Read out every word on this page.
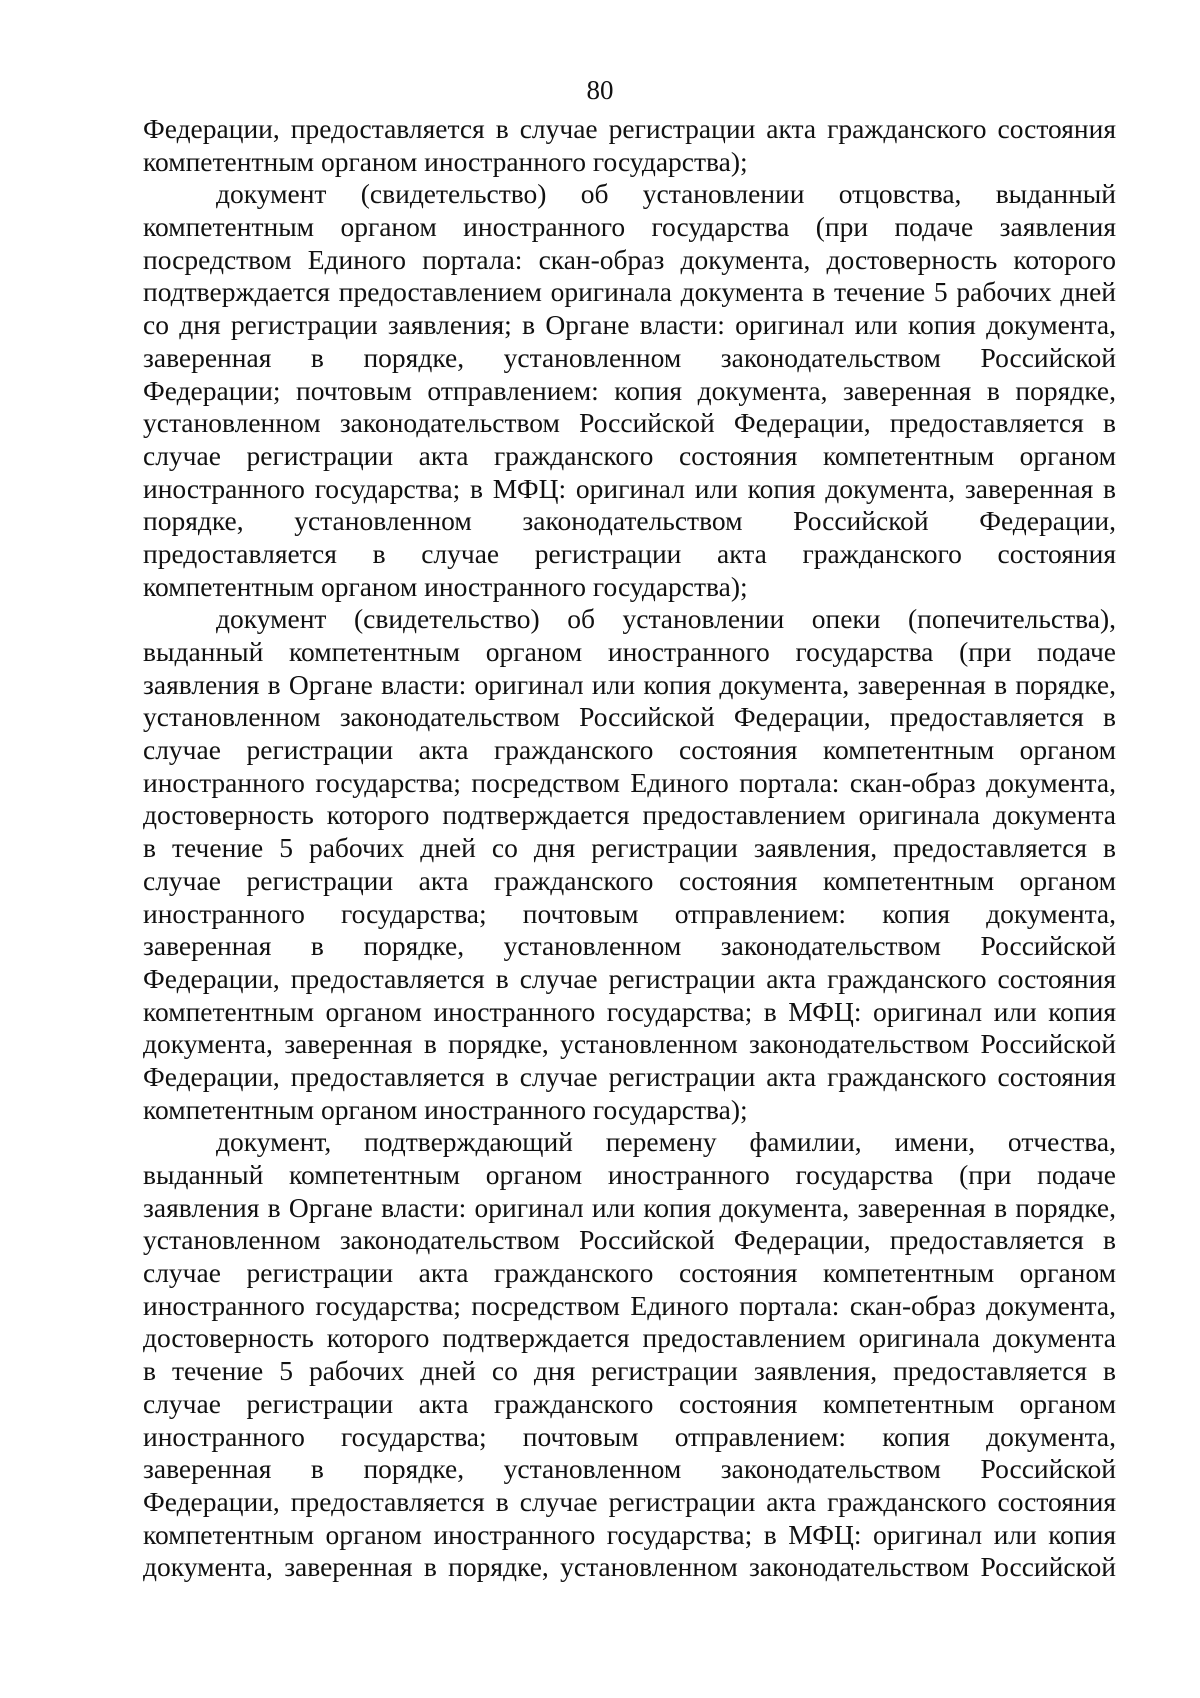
80
Федерации, предоставляется в случае регистрации акта гражданского состояния
компетентным органом иностранного государства);
документ (свидетельство) об установлении отцовства, выданный
компетентным органом иностранного государства (при подаче заявления
посредством Единого портала: скан-образ документа, достоверность которого
подтверждается предоставлением оригинала документа в течение 5 рабочих дней
со дня регистрации заявления; в Органе власти: оригинал или копия документа,
заверенная в порядке, установленном законодательством Российской
Федерации; почтовым отправлением: копия документа, заверенная в порядке,
установленном законодательством Российской Федерации, предоставляется в
случае регистрации акта гражданского состояния компетентным органом
иностранного государства; в МФЦ: оригинал или копия документа, заверенная в
порядке, установленном законодательством Российской Федерации,
предоставляется в случае регистрации акта гражданского состояния
компетентным органом иностранного государства);
документ (свидетельство) об установлении опеки (попечительства),
выданный компетентным органом иностранного государства (при подаче
заявления в Органе власти: оригинал или копия документа, заверенная в порядке,
установленном законодательством Российской Федерации, предоставляется в
случае регистрации акта гражданского состояния компетентным органом
иностранного государства; посредством Единого портала: скан-образ документа,
достоверность которого подтверждается предоставлением оригинала документа
в течение 5 рабочих дней со дня регистрации заявления, предоставляется в
случае регистрации акта гражданского состояния компетентным органом
иностранного государства; почтовым отправлением: копия документа,
заверенная в порядке, установленном законодательством Российской
Федерации, предоставляется в случае регистрации акта гражданского состояния
компетентным органом иностранного государства; в МФЦ: оригинал или копия
документа, заверенная в порядке, установленном законодательством Российской
Федерации, предоставляется в случае регистрации акта гражданского состояния
компетентным органом иностранного государства);
документ, подтверждающий перемену фамилии, имени, отчества,
выданный компетентным органом иностранного государства (при подаче
заявления в Органе власти: оригинал или копия документа, заверенная в порядке,
установленном законодательством Российской Федерации, предоставляется в
случае регистрации акта гражданского состояния компетентным органом
иностранного государства; посредством Единого портала: скан-образ документа,
достоверность которого подтверждается предоставлением оригинала документа
в течение 5 рабочих дней со дня регистрации заявления, предоставляется в
случае регистрации акта гражданского состояния компетентным органом
иностранного государства; почтовым отправлением: копия документа,
заверенная в порядке, установленном законодательством Российской
Федерации, предоставляется в случае регистрации акта гражданского состояния
компетентным органом иностранного государства; в МФЦ: оригинал или копия
документа, заверенная в порядке, установленном законодательством Российской
